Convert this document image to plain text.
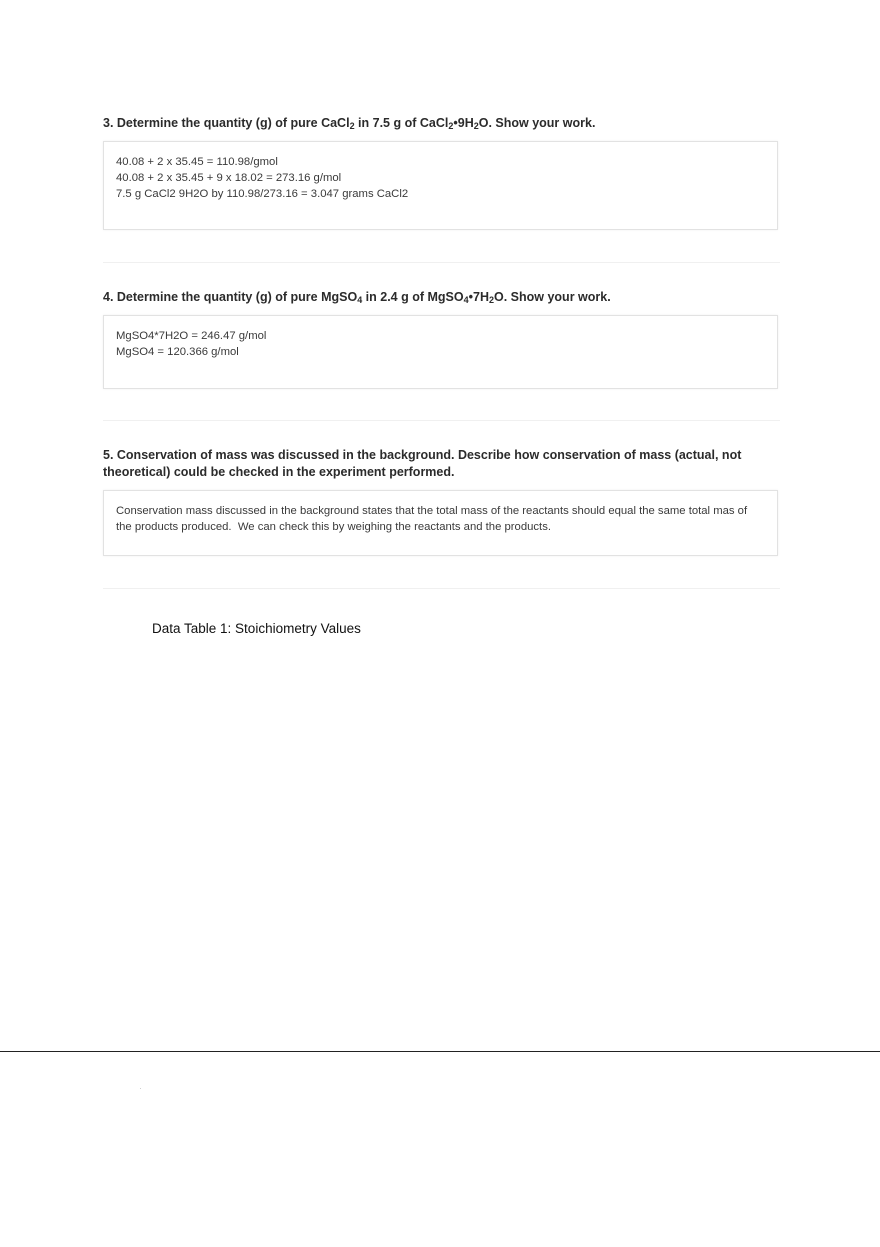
3. Determine the quantity (g) of pure CaCl$_2$ in 7.5 g of $CaCl_2•9H_2O$. Show your work.
40.08 + 2 x 35.45 = 110.98/gmol
40.08 + 2 x 35.45 + 9 x 18.02 = 273.16 g/mol
7.5 g CaCl2 9H2O by 110.98/273.16 = 3.047 grams CaCl2
4. Determine the quantity (g) of pure MgSO$_4$ in 2.4 g of $MgSO_4•7H_2O$. Show your work.
MgSO4*7H2O = 246.47 g/mol
MgSO4 = 120.366 g/mol
5. Conservation of mass was discussed in the background. Describe how conservation of mass (actual, not theoretical) could be checked in the experiment performed.
Conservation mass discussed in the background states that the total mass of the reactants should equal the same total mas of the products produced.  We can check this by weighing the reactants and the products.
Data Table 1: Stoichiometry Values
